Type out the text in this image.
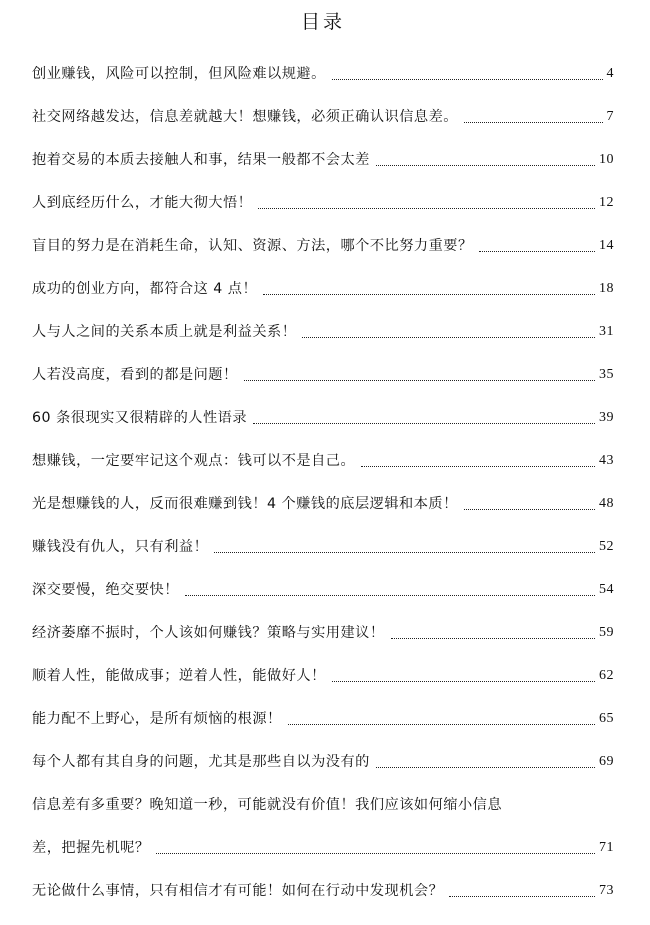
目录
创业赚钱，风险可以控制，但风险难以规避。	4
社交网络越发达，信息差就越大！想赚钱，必须正确认识信息差。	7
抱着交易的本质去接触人和事，结果一般都不会太差	10
人到底经历什么，才能大彻大悟！	12
盲目的努力是在消耗生命，认知、资源、方法，哪个不比努力重要？	14
成功的创业方向，都符合这 4 点！	18
人与人之间的关系本质上就是利益关系！	31
人若没高度，看到的都是问题！	35
60 条很现实又很精辟的人性语录	39
想赚钱，一定要牢记这个观点：钱可以不是自己。	43
光是想赚钱的人，反而很难赚到钱！4 个赚钱的底层逻辑和本质！	48
赚钱没有仇人，只有利益！	52
深交要慢，绝交要快！	54
经济萎靡不振时，个人该如何赚钱？策略与实用建议！	59
顺着人性，能做成事；逆着人性，能做好人！	62
能力配不上野心，是所有烦恼的根源！	65
每个人都有其自身的问题，尤其是那些自以为没有的	69
信息差有多重要？晚知道一秒，可能就没有价值！我们应该如何缩小信息
差，把握先机呢？	71
无论做什么事情，只有相信才有可能！如何在行动中发现机会？	73
